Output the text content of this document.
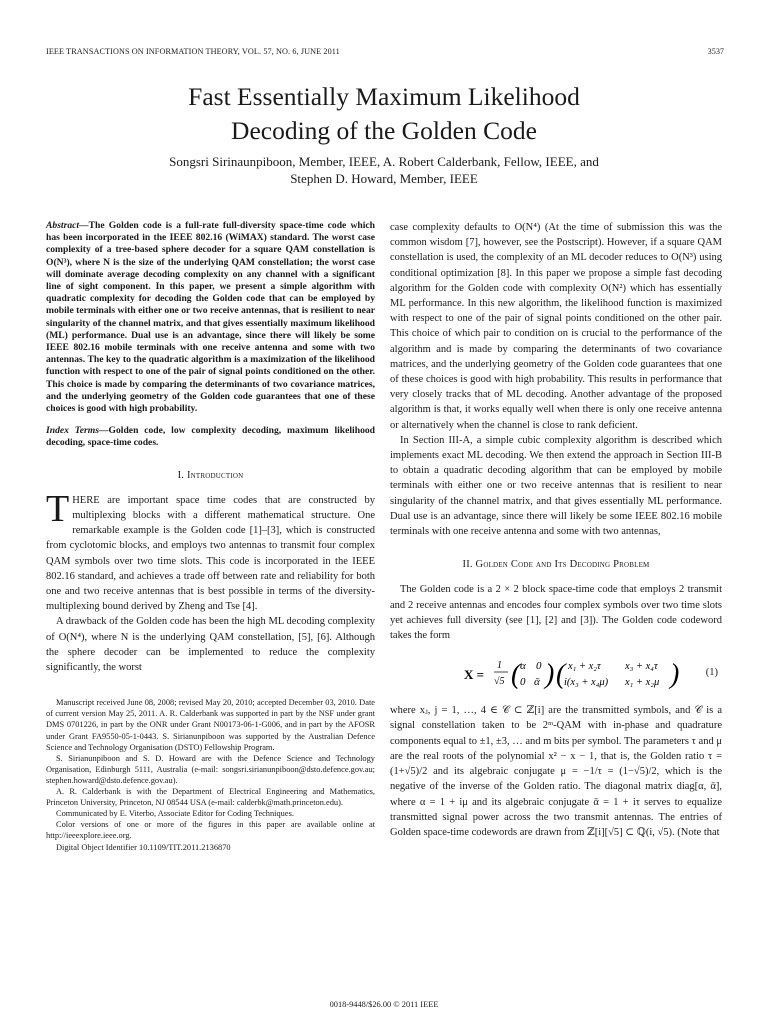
IEEE TRANSACTIONS ON INFORMATION THEORY, VOL. 57, NO. 6, JUNE 2011	3537
Fast Essentially Maximum Likelihood
Decoding of the Golden Code
Songsri Sirinaunpiboon, Member, IEEE, A. Robert Calderbank, Fellow, IEEE, and
Stephen D. Howard, Member, IEEE
Abstract—The Golden code is a full-rate full-diversity space-time code which has been incorporated in the IEEE 802.16 (WiMAX) standard. The worst case complexity of a tree-based sphere decoder for a square QAM constellation is O(N³), where N is the size of the underlying QAM constellation; the worst case will dominate average decoding complexity on any channel with a significant line of sight component. In this paper, we present a simple algorithm with quadratic complexity for decoding the Golden code that can be employed by mobile terminals with either one or two receive antennas, that is resilient to near singularity of the channel matrix, and that gives essentially maximum likelihood (ML) performance. Dual use is an advantage, since there will likely be some IEEE 802.16 mobile terminals with one receive antenna and some with two antennas. The key to the quadratic algorithm is a maximization of the likelihood function with respect to one of the pair of signal points conditioned on the other. This choice is made by comparing the determinants of two covariance matrices, and the underlying geometry of the Golden code guarantees that one of these choices is good with high probability.
Index Terms—Golden code, low complexity decoding, maximum likelihood decoding, space-time codes.
I. Introduction

THERE are important space time codes that are constructed by multiplexing blocks with a different mathematical structure. One remarkable example is the Golden code [1]–[3], which is constructed from cyclotomic blocks, and employs two antennas to transmit four complex QAM symbols over two time slots. This code is incorporated in the IEEE 802.16 standard, and achieves a trade off between rate and reliability for both one and two receive antennas that is best possible in terms of the diversity-multiplexing bound derived by Zheng and Tse [4].

A drawback of the Golden code has been the high ML decoding complexity of O(N⁴), where N is the underlying QAM constellation, [5], [6]. Although the sphere decoder can be implemented to reduce the complexity significantly, the worst

Manuscript received June 08, 2008; revised May 20, 2010; accepted December 03, 2010. Date of current version May 25, 2011. A. R. Calderbank was supported in part by the NSF under grant DMS 0701226, in part by the ONR under Grant N00173-06-1-G006, and in part by the AFOSR under Grant FA9550-05-1-0443. S. Sirianunpiboon was supported by the Australian Defence Science and Technology Organisation (DSTO) Fellowship Program.

S. Sirianunpiboon and S. D. Howard are with the Defence Science and Technology Organisation, Edinburgh 5111, Australia (e-mail: songsri.sirianunpiboon@dsto.defence.gov.au; stephen.howard@dsto.defence.gov.au).

A. R. Calderbank is with the Department of Electrical Engineering and Mathematics, Princeton University, Princeton, NJ 08544 USA (e-mail: calderbk@math.princeton.edu).

Communicated by E. Viterbo, Associate Editor for Coding Techniques.

Color versions of one or more of the figures in this paper are available online at http://ieeexplore.ieee.org.

Digital Object Identifier 10.1109/TIT.2011.2136870

case complexity defaults to O(N⁴) (At the time of submission this was the common wisdom [7], however, see the Postscript). However, if a square QAM constellation is used, the complexity of an ML decoder reduces to O(N³) using conditional optimization [8]. In this paper we propose a simple fast decoding algorithm for the Golden code with complexity O(N²) which has essentially ML performance. In this new algorithm, the likelihood function is maximized with respect to one of the pair of signal points conditioned on the other pair. This choice of which pair to condition on is crucial to the performance of the algorithm and is made by comparing the determinants of two covariance matrices, and the underlying geometry of the Golden code guarantees that one of these choices is good with high probability. This results in performance that very closely tracks that of ML decoding. Another advantage of the proposed algorithm is that, it works equally well when there is only one receive antenna or alternatively when the channel is close to rank deficient.

In Section III-A, a simple cubic complexity algorithm is described which implements exact ML decoding. We then extend the approach in Section III-B to obtain a quadratic decoding algorithm that can be employed by mobile terminals with either one or two receive antennas that is resilient to near singularity of the channel matrix, and that gives essentially ML performance. Dual use is an advantage, since there will likely be some IEEE 802.16 mobile terminals with one receive antenna and some with two antennas,

II. Golden Code and Its Decoding Problem

The Golden code is a 2 × 2 block space-time code that employs 2 transmit and 2 receive antennas and encodes four complex symbols over two time slots yet achieves full diversity (see [1], [2] and [3]). The Golden code codeword takes the form

X =
1
√5 ( α 0
0 ᾱ ) ( x₁ + x₂τ x₃ + x₄τ
i(x₃ + x₄μ) x₁ + x₂μ )	(1)

where xⱼ, j = 1, …, 4 ∈ 𝒞 ⊂ ℤ[i] are the transmitted symbols, and 𝒞 is a signal constellation taken to be 2ᵐ-QAM with in-phase and quadrature components equal to ±1, ±3, … and m bits per symbol. The parameters τ and μ are the real roots of the polynomial x² − x − 1, that is, the Golden ratio τ = (1+√5)/2 and its algebraic conjugate μ = −1/τ = (1−√5)/2, which is the negative of the inverse of the Golden ratio. The diagonal matrix diag[α, ᾱ], where α = 1 + iμ and its algebraic conjugate ᾱ = 1 + iτ serves to equalize transmitted signal power across the two transmit antennas. The entries of Golden space-time codewords are drawn from ℤ[i][√5] ⊂ ℚ(i, √5). (Note that

0018-9448/$26.00 © 2011 IEEE
